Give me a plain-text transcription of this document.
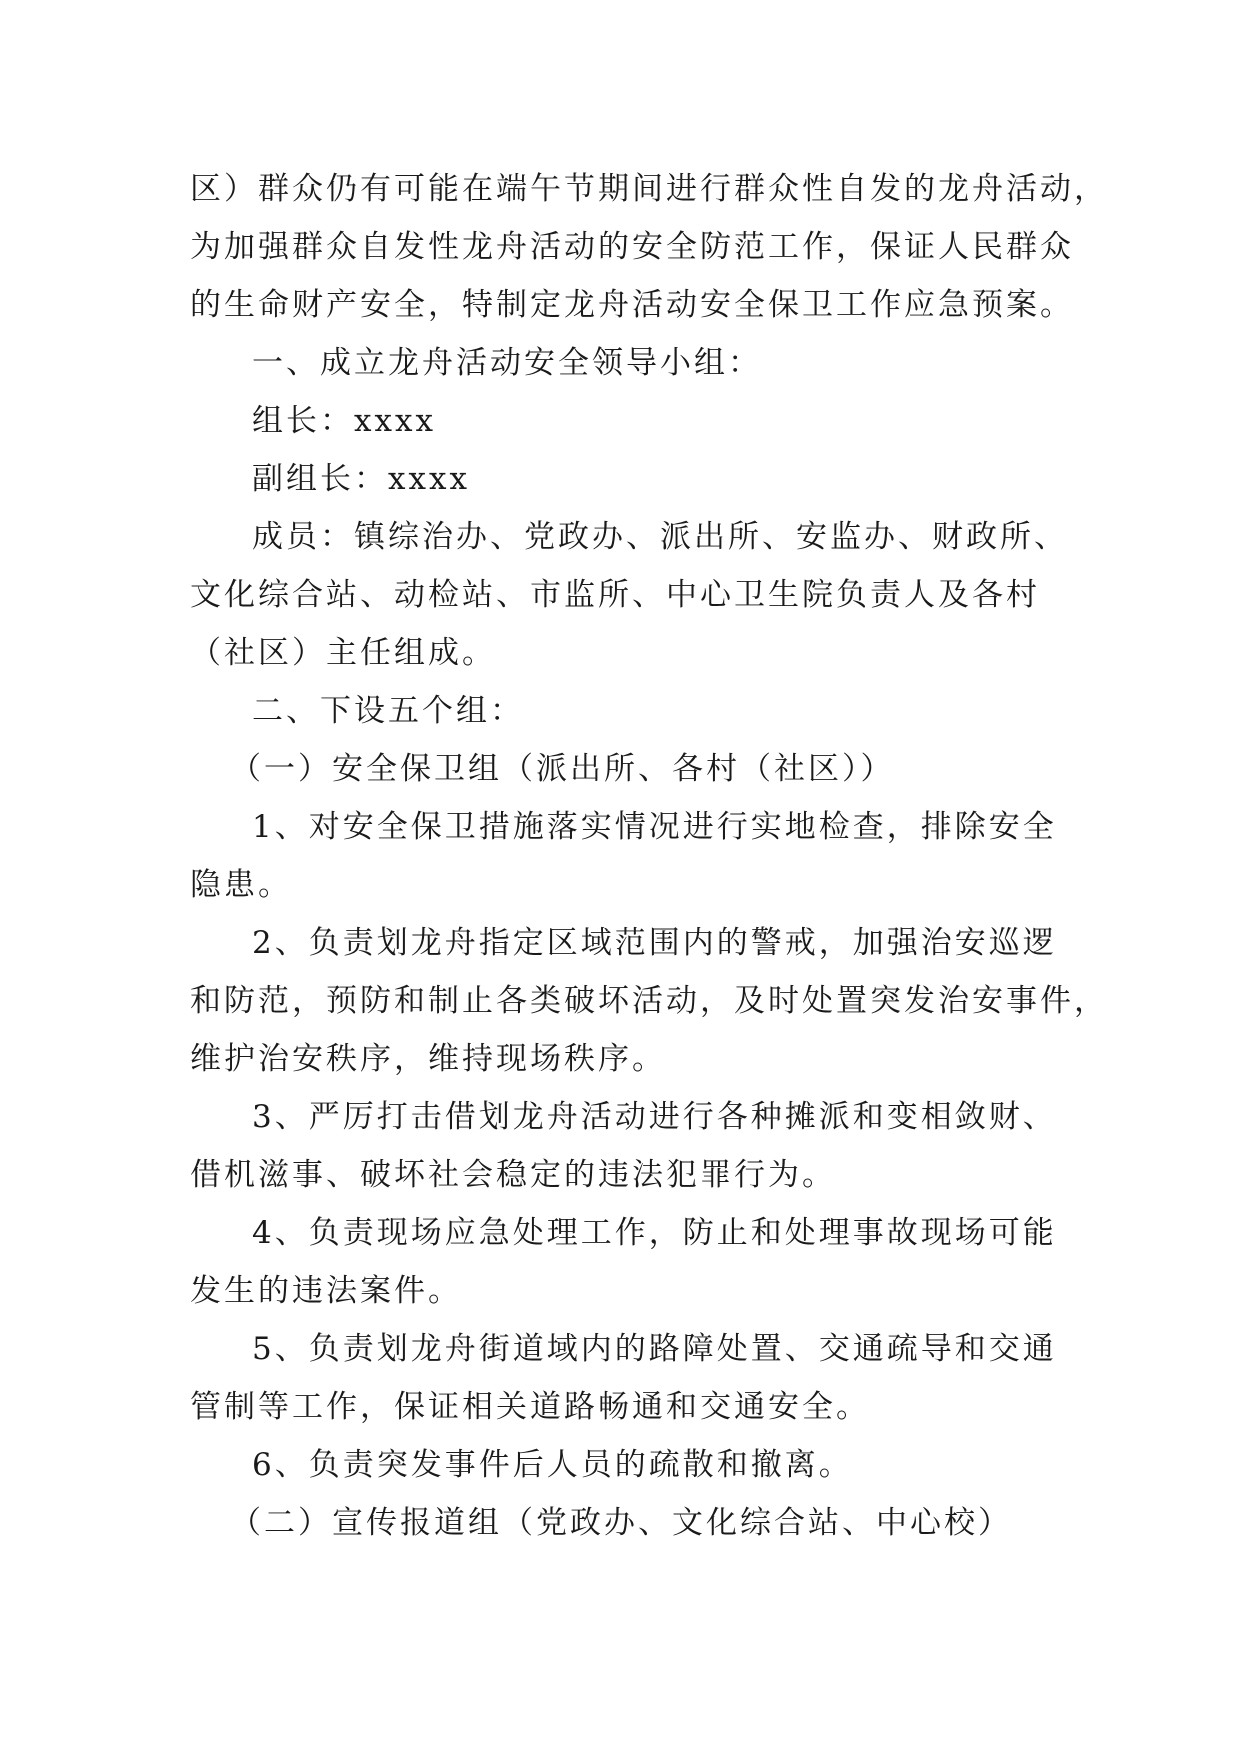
区）群众仍有可能在端午节期间进行群众性自发的龙舟活动，
为加强群众自发性龙舟活动的安全防范工作，保证人民群众
的生命财产安全，特制定龙舟活动安全保卫工作应急预案。
一、成立龙舟活动安全领导小组：
组长：xxxx
副组长：xxxx
成员：镇综治办、党政办、派出所、安监办、财政所、
文化综合站、动检站、市监所、中心卫生院负责人及各村
（社区）主任组成。
二、下设五个组：
（一）安全保卫组（派出所、各村（社区））
1、对安全保卫措施落实情况进行实地检查，排除安全
隐患。
2、负责划龙舟指定区域范围内的警戒，加强治安巡逻
和防范，预防和制止各类破坏活动，及时处置突发治安事件，
维护治安秩序，维持现场秩序。
3、严厉打击借划龙舟活动进行各种摊派和变相敛财、
借机滋事、破坏社会稳定的违法犯罪行为。
4、负责现场应急处理工作，防止和处理事故现场可能
发生的违法案件。
5、负责划龙舟街道域内的路障处置、交通疏导和交通
管制等工作，保证相关道路畅通和交通安全。
6、负责突发事件后人员的疏散和撤离。
（二）宣传报道组（党政办、文化综合站、中心校）
